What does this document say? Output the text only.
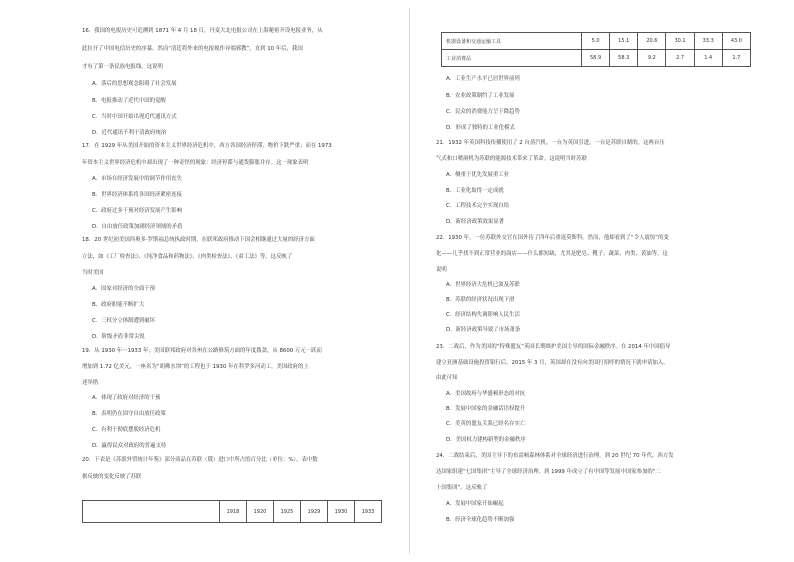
16．我国的电报历史可追溯到 1871 年 4 月 18 日，丹麦大北电报公司在上海秘密开设电报业务，从
此拉开了中国电信历史的序幕。然而“清廷将外来的电报视作异端邪教”，直到 10 年后，我国
才有了第一条民族电报线。这说明
A．落后的思想观念阻碍了社会发展
B．电报推动了近代中国的觉醒
C．当时中国开始出现近代通讯方式
D．近代通讯不利于清政府统治
17．在 1929 年从美国开始的资本主义世界经济危机中，西方各国经济停滞，物价下跌严重；而在 1973
年资本主义世界经济危机中却出现了一种奇怪的现象：经济停滞与通货膨胀并存。这一现象表明
A．市场在经济发展中的调节作用丧失
B．世界经济体系将各国经济紧密连接
C．政府过多干预对经济发展产生影响
D．自由放任政策加剧经济领域的矛盾
18．20 世纪初美国西奥多·罗斯福总统执政时期，在联邦政府推动下国会相继通过大量的经济方面
立法，如《工厂检查法》、《纯净食品和药物法》、《肉类检查法》、《童工法》等。这反映了
当时美国
A．国家对经济的全面干预
B．政府职能不断扩大
C．三权分立体制遭到破坏
D．阶级矛盾非常尖锐
19．从 1930 年～1933 年，美国联邦政府对各州在公路修筑方面的年度拨款，从 8600 万元一跃而
增加到 1.72 亿美元，一座名为“胡佛水坝”的工程也于 1930 年在科罗多河动工。美国政府的上
述举措
A．体现了政府对经济的干预
B．表明仍在固守自由放任政策
C．有利于彻底摆脱经济危机
D．赢得民众对政府的普遍支持
20．下表是《苏联外贸统计年鉴》部分商品在苏联（俄）进口中所占的百分比（单位：%），表中数
据反映的变化反映了苏联
	1918	1920	1925	1929	1930	1933
机器设备和交通运输工具	5.0	15.1	20.6	30.1	33.3	43.0
工业消费品	58.9	58.3	9.2	2.7	1.4	1.7
A．工业生产水平已居世界前列
B．农业政策制约了工业发展
C．民众的消费能力呈下降趋势
D．形成了独特的工业化模式
21．1932 年英国科技传播使用了 2 台蒸汽机，一台为英国引进，一台是苏联自制的。这两台压
气式和口喷洞机为苏联的能源技术带来了革命。这说明当时苏联
A．侧重于优先发展重工业
B．工业化取得一定成就
C．工程技术完全实现自给
D．新经济政策效果显著
22．1930 年，一位苏联外交官在国外待了四年后重返莫斯科。然而，他却看到了“令人震惊”的变
化——几乎找不到正常营业的商店——什么都短缺，尤其是肥皂、靴子、蔬菜、肉类、黄油等。这
说明
A．世界经济大危机已波及苏联
B．苏联的经济状况出现下滑
C．经济结构失调影响人民生活
D．新经济政策导致了市场萧条
23．二战后，作为美国的“特殊盟友”英国长期维护美国主导的国际金融秩序。在 2014 年中国倡导
建立亚洲基础设施投资银行后，2015 年 3 月，英国却在没有向美国打招呼的情况下就申请加入。
由此可知
A．美国故府与华盛顿形态的对抗
B．发展中国家的金融话语权提升
C．美英的盟友关系已经名存实亡
D．美国权力建构新型的金融秩序
24．二战结束后，美国主导下的布雷顿森林体系对全球经济进行治理。到 20 世纪 70 年代，西方发
达国家组建“七国集团”主导了全球经济治理。到 1999 年成立了有中国等发展中国家参加的“二
十国集团”。这反映了
A．发展中国家开始崛起
B．经济全球化趋势不断加强
